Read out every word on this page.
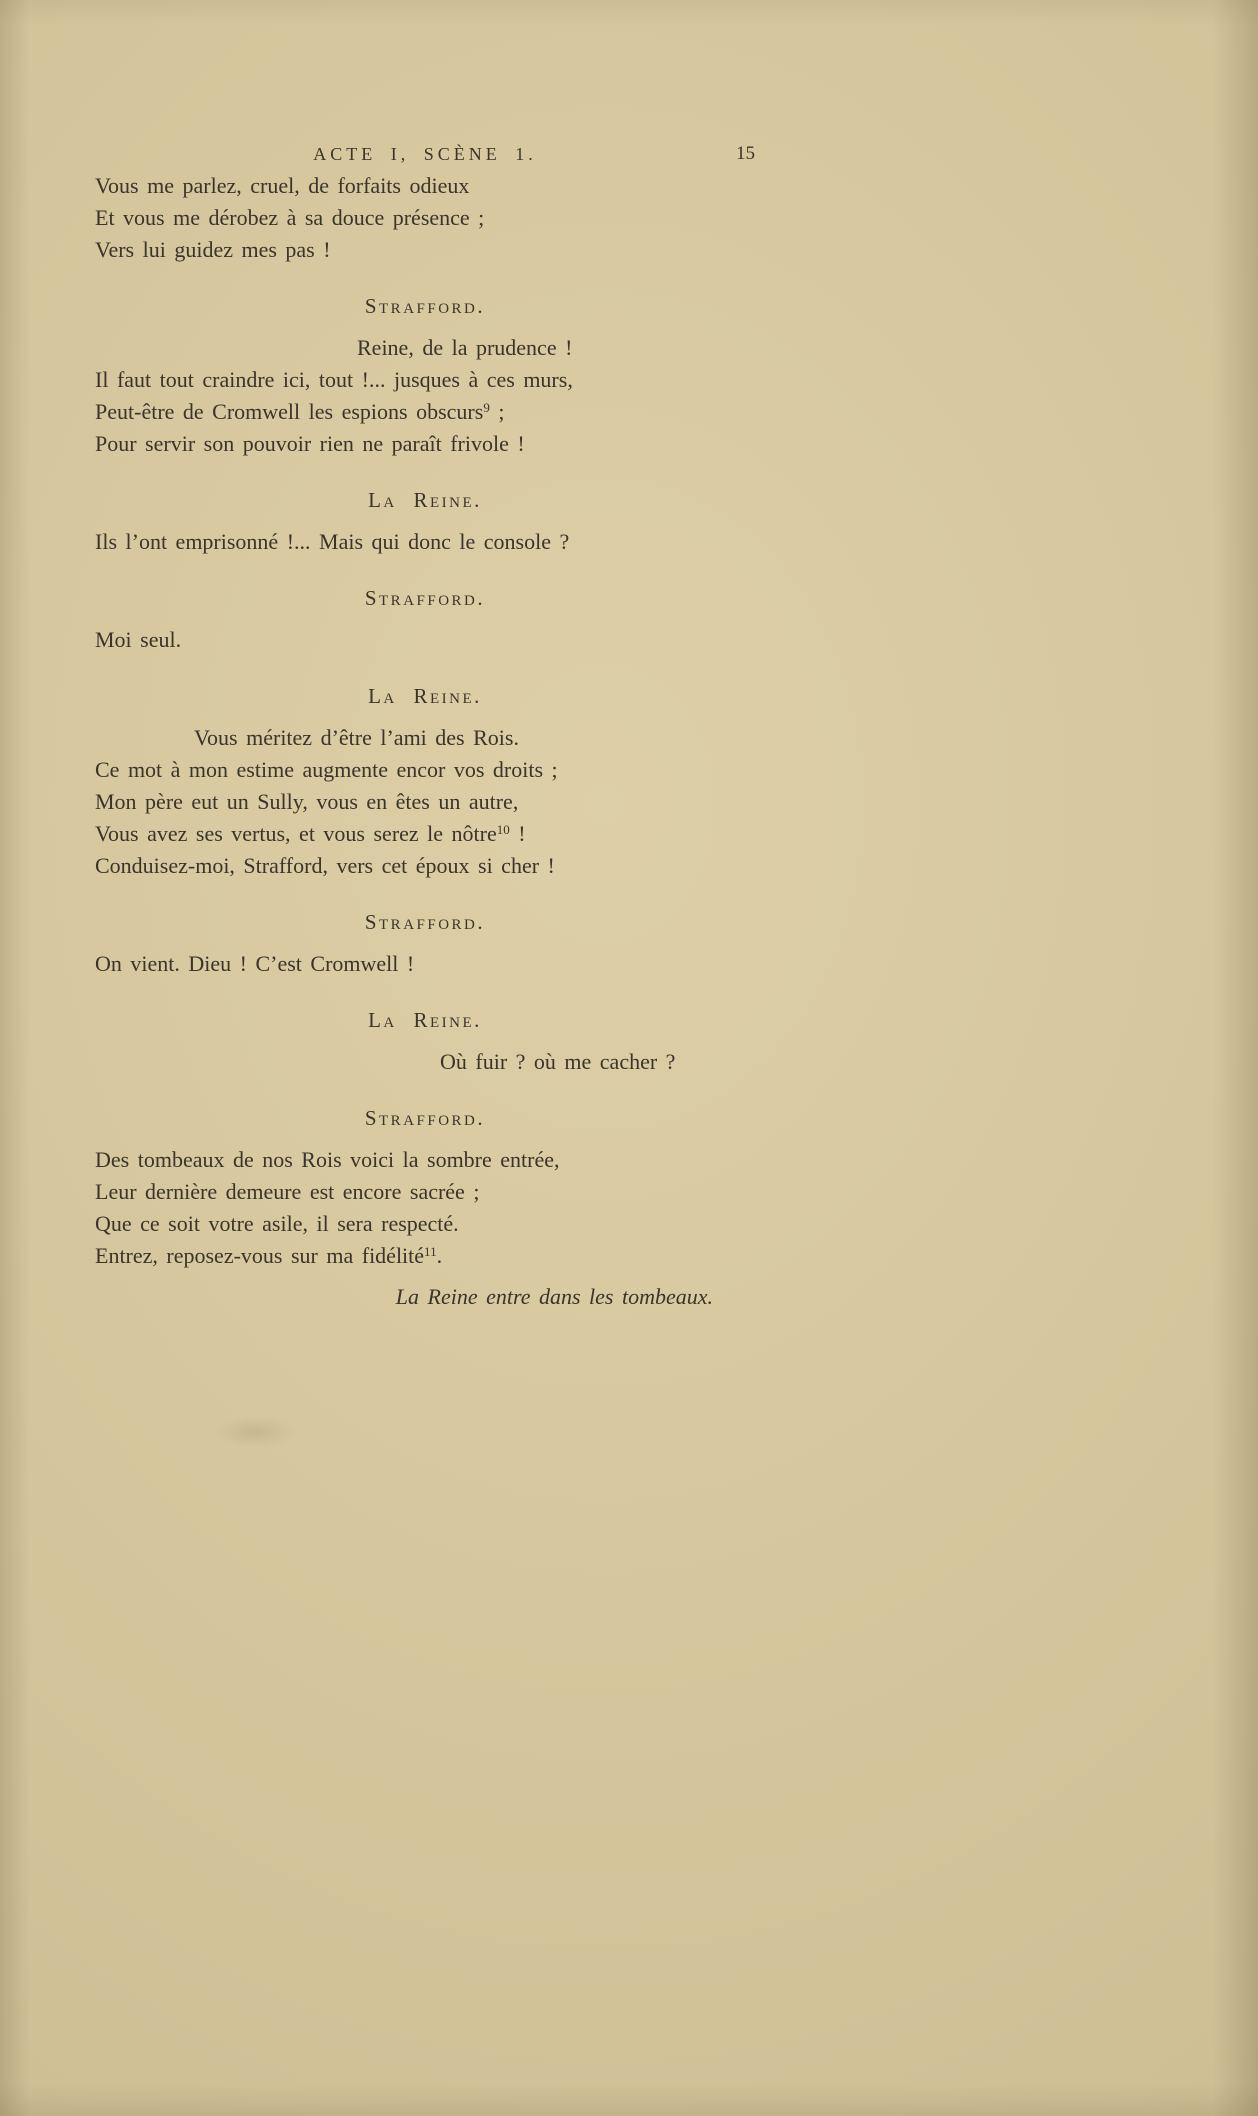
ACTE I, SCÈNE 1.	15

Vous me parlez, cruel, de forfaits odieux

Et vous me dérobez à sa douce présence ;

Vers lui guidez mes pas !

Strafford.

Reine, de la prudence !

Il faut tout craindre ici, tout !... jusques à ces murs,

Peut-être de Cromwell les espions obscurs$^9$ ;

Pour servir son pouvoir rien ne paraît frivole !

La Reine.

Ils l’ont emprisonné !... Mais qui donc le console ?

Strafford.

Moi seul.

La Reine.

Vous méritez d’être l’ami des Rois.

Ce mot à mon estime augmente encor vos droits ;

Mon père eut un Sully, vous en êtes un autre,

Vous avez ses vertus, et vous serez le nôtre$^{10}$ !

Conduisez-moi, Strafford, vers cet époux si cher !

Strafford.

On vient. Dieu ! C’est Cromwell !

La Reine.

Où fuir ? où me cacher ?

Strafford.

Des tombeaux de nos Rois voici la sombre entrée,

Leur dernière demeure est encore sacrée ;

Que ce soit votre asile, il sera respecté.

Entrez, reposez-vous sur ma fidélité$^{11}$.

La Reine entre dans les tombeaux.
